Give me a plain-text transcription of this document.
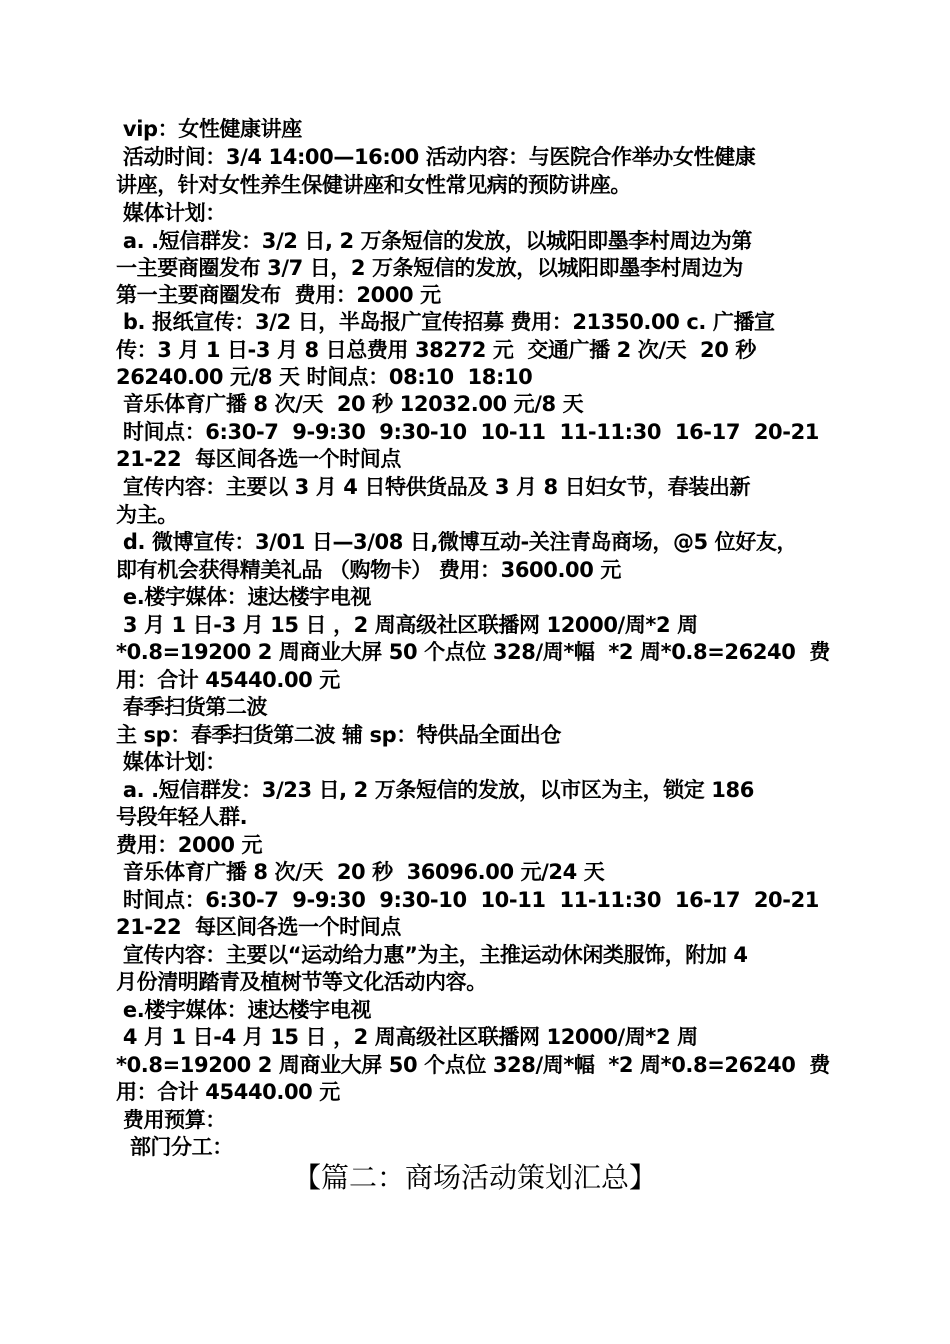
vip：女性健康讲座
活动时间：3/4 14:00—16:00 活动内容：与医院合作举办女性健康
讲座，针对女性养生保健讲座和女性常见病的预防讲座。
媒体计划：
a. .短信群发：3/2 日, 2 万条短信的发放，以城阳即墨李村周边为第
一主要商圈发布 3/7 日，2 万条短信的发放，以城阳即墨李村周边为
第一主要商圈发布  费用：2000 元
b. 报纸宣传：3/2 日，半岛报广宣传招募 费用：21350.00 c. 广播宣
传：3 月 1 日-3 月 8 日总费用 38272 元  交通广播 2 次/天  20 秒
26240.00 元/8 天 时间点：08:10  18:10
音乐体育广播 8 次/天  20 秒 12032.00 元/8 天
时间点：6:30-7  9-9:30  9:30-10  10-11  11-11:30  16-17  20-21
21-22  每区间各选一个时间点
宣传内容：主要以 3 月 4 日特供货品及 3 月 8 日妇女节，春装出新
为主。
d. 微博宣传：3/01 日—3/08 日,微博互动-关注青岛商场，@5 位好友，
即有机会获得精美礼品 （购物卡） 费用：3600.00 元
e.楼宇媒体：速达楼宇电视
3 月 1 日-3 月 15 日 ，2 周高级社区联播网 12000/周*2 周
*0.8=19200 2 周商业大屏 50 个点位 328/周*幅  *2 周*0.8=26240  费
用：合计 45440.00 元
春季扫货第二波
主 sp：春季扫货第二波 辅 sp：特供品全面出仓
媒体计划：
a. .短信群发：3/23 日, 2 万条短信的发放，以市区为主，锁定 186
号段年轻人群.
费用：2000 元
音乐体育广播 8 次/天  20 秒  36096.00 元/24 天
时间点：6:30-7  9-9:30  9:30-10  10-11  11-11:30  16-17  20-21
21-22  每区间各选一个时间点
宣传内容：主要以“运动给力惠”为主，主推运动休闲类服饰，附加 4
月份清明踏青及植树节等文化活动内容。
e.楼宇媒体：速达楼宇电视
4 月 1 日-4 月 15 日 ，2 周高级社区联播网 12000/周*2 周
*0.8=19200 2 周商业大屏 50 个点位 328/周*幅  *2 周*0.8=26240  费
用：合计 45440.00 元
费用预算：
部门分工：
【篇二：商场活动策划汇总】
